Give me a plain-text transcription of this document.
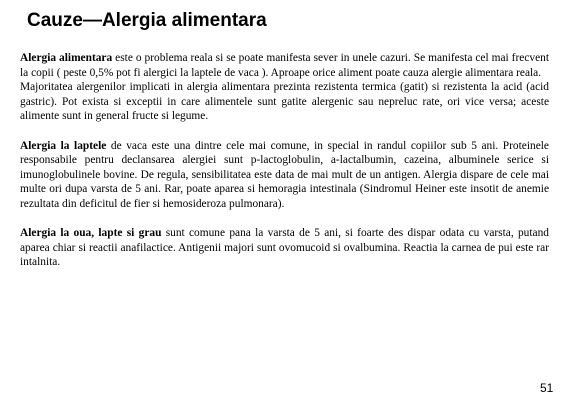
Cauze—Alergia alimentara

Alergia alimentara este o problema reala si se poate manifesta sever in unele cazuri. Se manifesta cel mai frecvent la copii ( peste 0,5% pot fi alergici la laptele de vaca ). Aproape orice aliment poate cauza alergie alimentara reala.

Majoritatea alergenilor implicati in alergia alimentara prezinta rezistenta termica (gatit) si rezistenta la acid (acid gastric). Pot exista si exceptii in care alimentele sunt gatite alergenic sau nepreluc rate, ori vice versa; aceste alimente sunt in general fructe si legume.

Alergia la laptele de vaca este una dintre cele mai comune, in special in randul copiilor sub 5 ani. Proteinele responsabile pentru declansarea alergiei sunt p-lactoglobulin, a-lactalbumin, cazeina, albuminele serice si imunoglobulinele bovine. De regula, sensibilitatea este data de mai mult de un antigen. Alergia dispare de cele mai multe ori dupa varsta de 5 ani. Rar, poate aparea si hemoragia intestinala (Sindromul Heiner este insotit de anemie rezultata din deficitul de fier si hemosideroza pulmonara).

Alergia la oua, lapte si grau sunt comune pana la varsta de 5 ani, si foarte des dispar odata cu varsta, putand aparea chiar si reactii anafilactice. Antigenii majori sunt ovomucoid si ovalbumina. Reactia la carnea de pui este rar intalnita.

51
